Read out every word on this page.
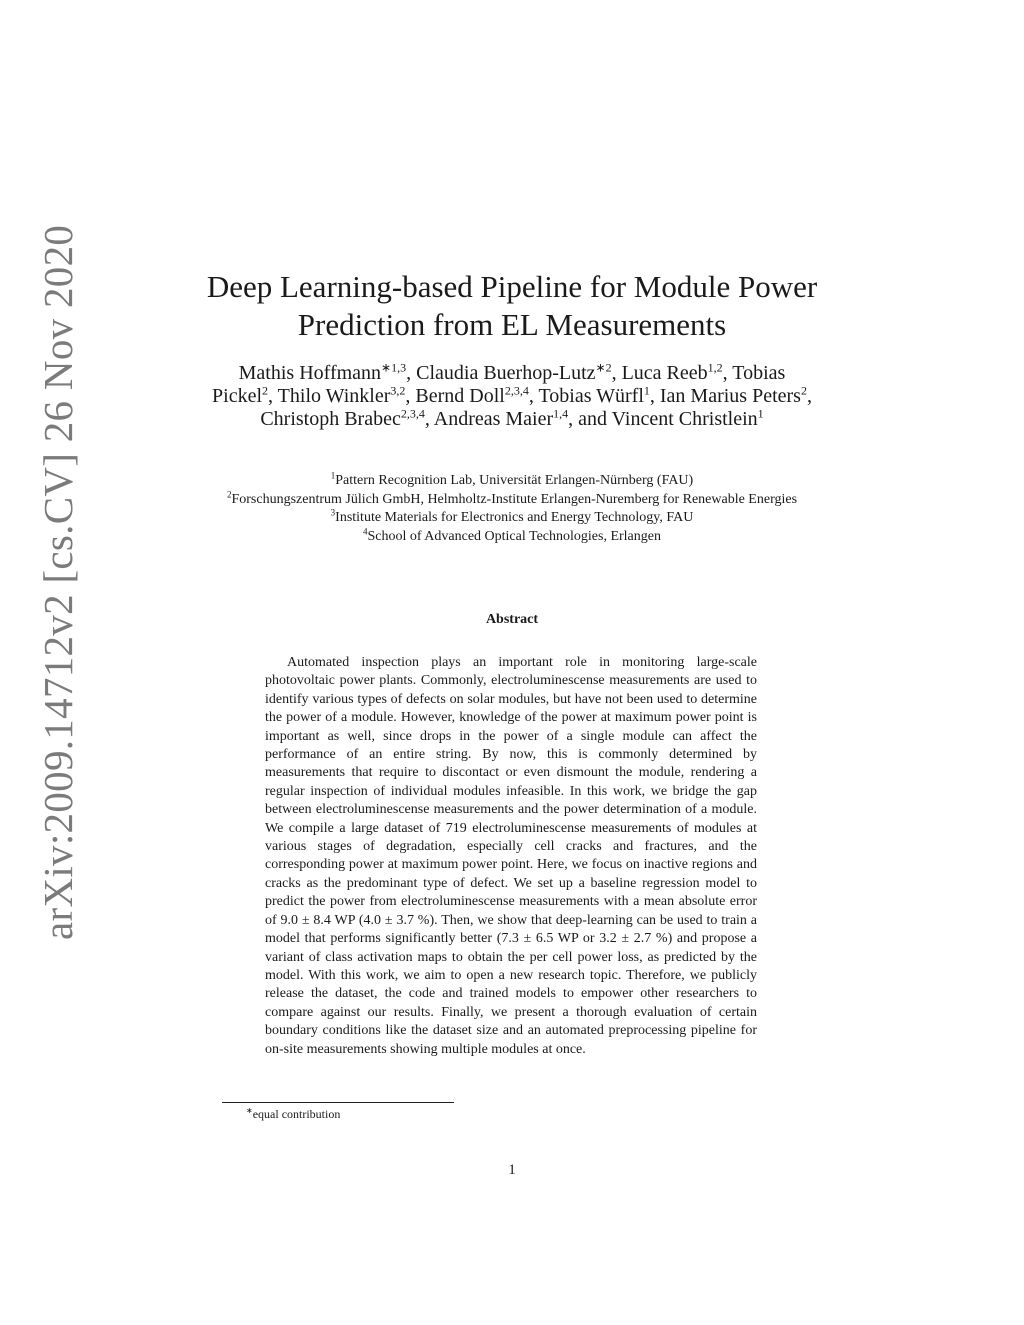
arXiv:2009.14712v2 [cs.CV] 26 Nov 2020	Deep Learning-based Pipeline for Module Power Prediction from EL Measurements
Mathis Hoffmann$^{∗1,3}$, Claudia Buerhop-Lutz$^{∗2}$, Luca Reeb$^{1,2}$, Tobias Pickel$^2$, Thilo Winkler$^{3,2}$, Bernd Doll$^{2,3,4}$, Tobias Würfl$^1$, Ian Marius Peters$^2$, Christoph Brabec$^{2,3,4}$, Andreas Maier$^{1,4}$, and Vincent Christlein$^1$
$^1$Pattern Recognition Lab, Universität Erlangen-Nürnberg (FAU)
$^2$Forschungszentrum Jülich GmbH, Helmholtz-Institute Erlangen-Nuremberg for Renewable Energies
$^3$Institute Materials for Electronics and Energy Technology, FAU
$^4$School of Advanced Optical Technologies, Erlangen
Abstract

Automated inspection plays an important role in monitoring large-scale photovoltaic power plants. Commonly, electroluminescense measurements are used to identify various types of defects on solar modules, but have not been used to determine the power of a module. However, knowledge of the power at maximum power point is important as well, since drops in the power of a single module can affect the performance of an entire string. By now, this is commonly determined by measurements that require to discontact or even dismount the module, rendering a regular inspection of individual modules infeasible. In this work, we bridge the gap between electroluminescense measurements and the power determination of a module. We compile a large dataset of 719 electroluminescense measurements of modules at various stages of degradation, especially cell cracks and fractures, and the corresponding power at maximum power point. Here, we focus on inactive regions and cracks as the predominant type of defect. We set up a baseline regression model to predict the power from electroluminescense measurements with a mean absolute error of 9.0 ± 8.4 WP (4.0 ± 3.7 %). Then, we show that deep-learning can be used to train a model that performs significantly better (7.3 ± 6.5 WP or 3.2 ± 2.7 %) and propose a variant of class activation maps to obtain the per cell power loss, as predicted by the model. With this work, we aim to open a new research topic. Therefore, we publicly release the dataset, the code and trained models to empower other researchers to compare against our results. Finally, we present a thorough evaluation of certain boundary conditions like the dataset size and an automated preprocessing pipeline for on-site measurements showing multiple modules at once.

∗equal contribution
1
